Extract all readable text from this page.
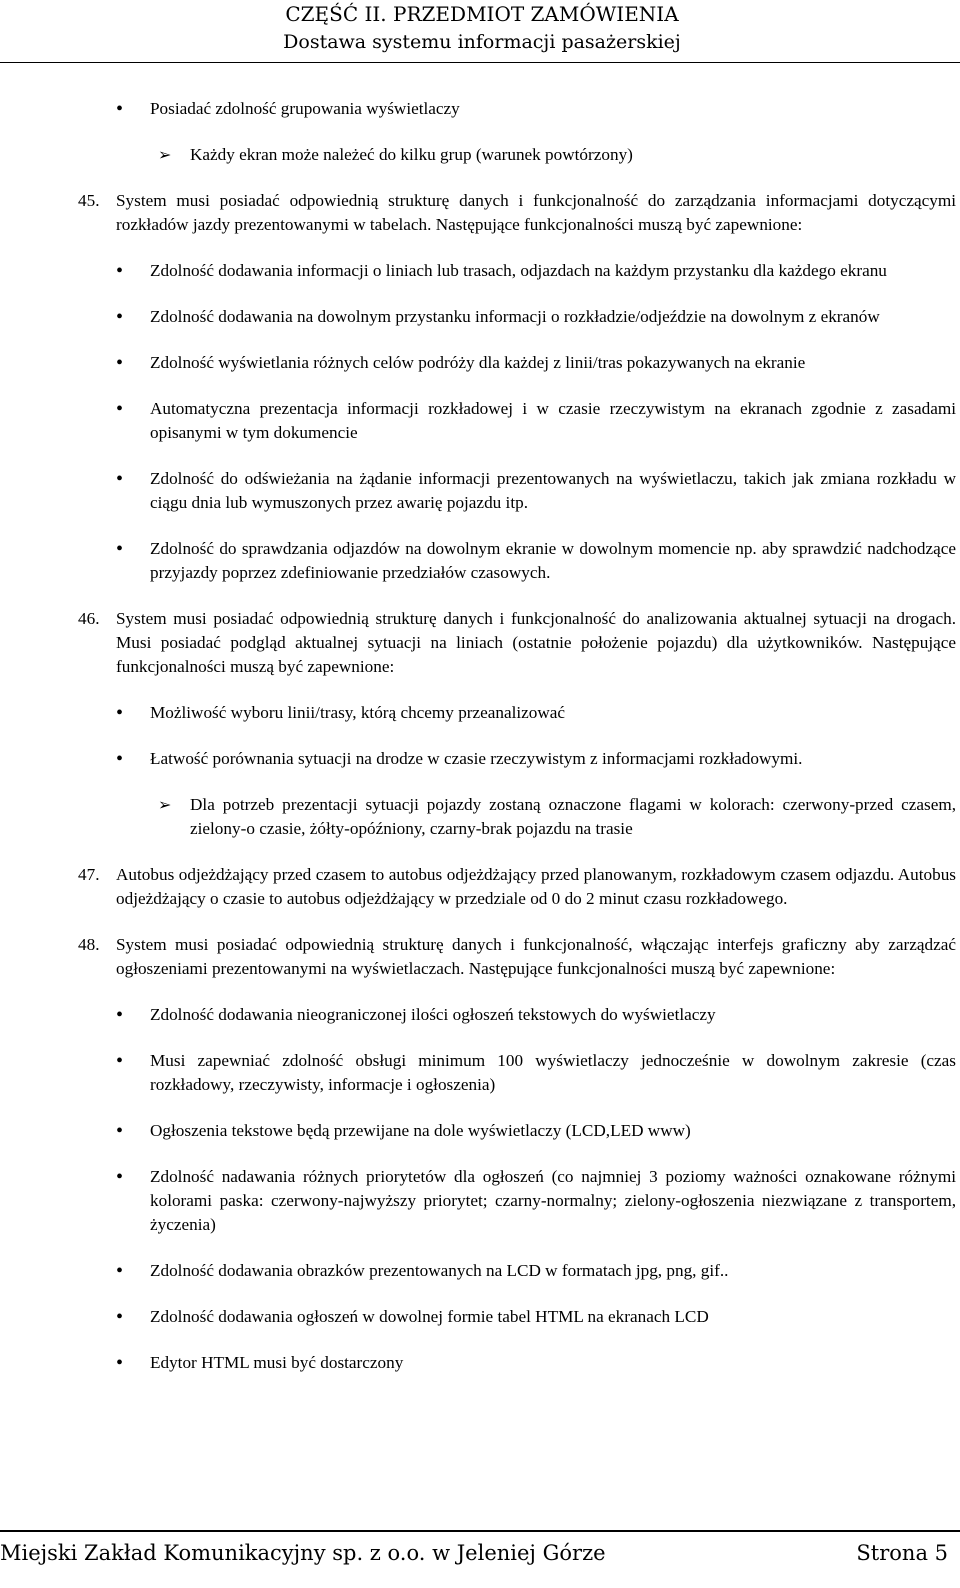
CZĘŚĆ II. PRZEDMIOT ZAMÓWIENIA
Dostawa systemu informacji pasażerskiej

• Posiadać zdolność grupowania wyświetlaczy

➢ Każdy ekran może należeć do kilku grup (warunek powtórzony)

45. System musi posiadać odpowiednią strukturę danych i funkcjonalność do zarządzania informacjami dotyczącymi rozkładów jazdy prezentowanymi w tabelach. Następujące funkcjonalności muszą być zapewnione:

• Zdolność dodawania informacji o liniach lub trasach, odjazdach na każdym przystanku dla każdego ekranu

• Zdolność dodawania na dowolnym przystanku informacji o rozkładzie/odjeździe na dowolnym z ekranów

• Zdolność wyświetlania różnych celów podróży dla każdej z linii/tras pokazywanych na ekranie

• Automatyczna prezentacja informacji rozkładowej i w czasie rzeczywistym na ekranach zgodnie z zasadami opisanymi w tym dokumencie

• Zdolność do odświeżania na żądanie informacji prezentowanych na wyświetlaczu, takich jak zmiana rozkładu w ciągu dnia lub wymuszonych przez awarię pojazdu itp.

• Zdolność do sprawdzania odjazdów na dowolnym ekranie w dowolnym momencie np. aby sprawdzić nadchodzące przyjazdy poprzez zdefiniowanie przedziałów czasowych.

46. System musi posiadać odpowiednią strukturę danych i funkcjonalność do analizowania aktualnej sytuacji na drogach. Musi posiadać podgląd aktualnej sytuacji na liniach (ostatnie położenie pojazdu) dla użytkowników. Następujące funkcjonalności muszą być zapewnione:

• Możliwość wyboru linii/trasy, którą chcemy przeanalizować

• Łatwość porównania sytuacji na drodze w czasie rzeczywistym z informacjami rozkładowymi.

➢ Dla potrzeb prezentacji sytuacji pojazdy zostaną oznaczone flagami w kolorach: czerwony-przed czasem, zielony-o czasie, żółty-opóźniony, czarny-brak pojazdu na trasie

47. Autobus odjeżdżający przed czasem to autobus odjeżdżający przed planowanym, rozkładowym czasem odjazdu. Autobus odjeżdżający o czasie to autobus odjeżdżający w przedziale od 0 do 2 minut czasu rozkładowego.

48. System musi posiadać odpowiednią strukturę danych i funkcjonalność, włączając interfejs graficzny aby zarządzać ogłoszeniami prezentowanymi na wyświetlaczach. Następujące funkcjonalności muszą być zapewnione:

• Zdolność dodawania nieograniczonej ilości ogłoszeń tekstowych do wyświetlaczy

• Musi zapewniać zdolność obsługi minimum 100 wyświetlaczy jednocześnie w dowolnym zakresie (czas rozkładowy, rzeczywisty, informacje i ogłoszenia)

• Ogłoszenia tekstowe będą przewijane na dole wyświetlaczy (LCD,LED www)

• Zdolność nadawania różnych priorytetów dla ogłoszeń (co najmniej 3 poziomy ważności oznakowane różnymi kolorami paska: czerwony-najwyższy priorytet; czarny-normalny; zielony-ogłoszenia niezwiązane z transportem, życzenia)

• Zdolność dodawania obrazków prezentowanych na LCD w formatach jpg, png, gif..

• Zdolność dodawania ogłoszeń w dowolnej formie tabel HTML na ekranach LCD

• Edytor HTML musi być dostarczony

Miejski Zakład Komunikacyjny sp. z o.o. w Jeleniej Górze	Strona 5
